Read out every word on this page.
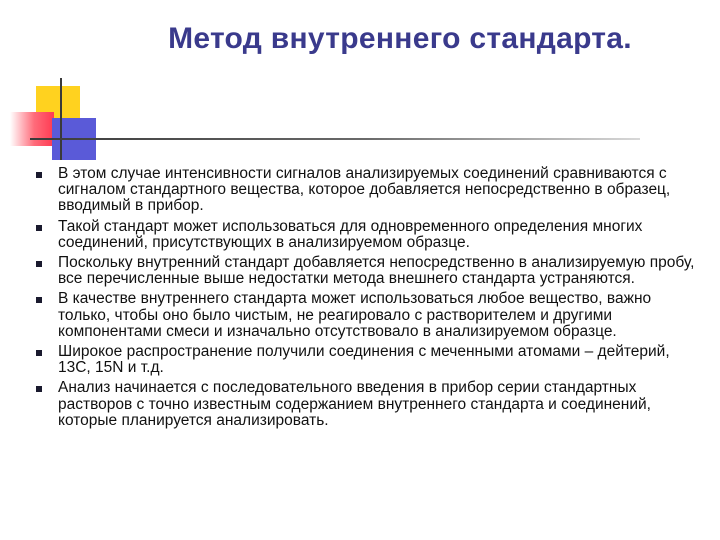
Метод внутреннего стандарта.
В этом случае интенсивности сигналов анализируемых соединений сравниваются с сигналом стандартного вещества, которое добавляется непосредственно в образец, вводимый в прибор.
Такой стандарт может использоваться для одновременного определения многих соединений, присутствующих в анализируемом образце.
Поскольку внутренний стандарт добавляется непосредственно в анализируемую пробу, все перечисленные выше недостатки метода внешнего стандарта устраняются.
В качестве внутреннего стандарта может использоваться любое вещество, важно только, чтобы оно было чистым, не реагировало с растворителем и другими компонентами смеси и изначально отсутствовало в анализируемом образце.
Широкое распространение получили соединения с меченными атомами – дейтерий, 13C, 15N и т.д.
Анализ начинается с последовательного введения в прибор серии стандартных растворов с точно известным содержанием внутреннего стандарта и соединений, которые планируется анализировать.
